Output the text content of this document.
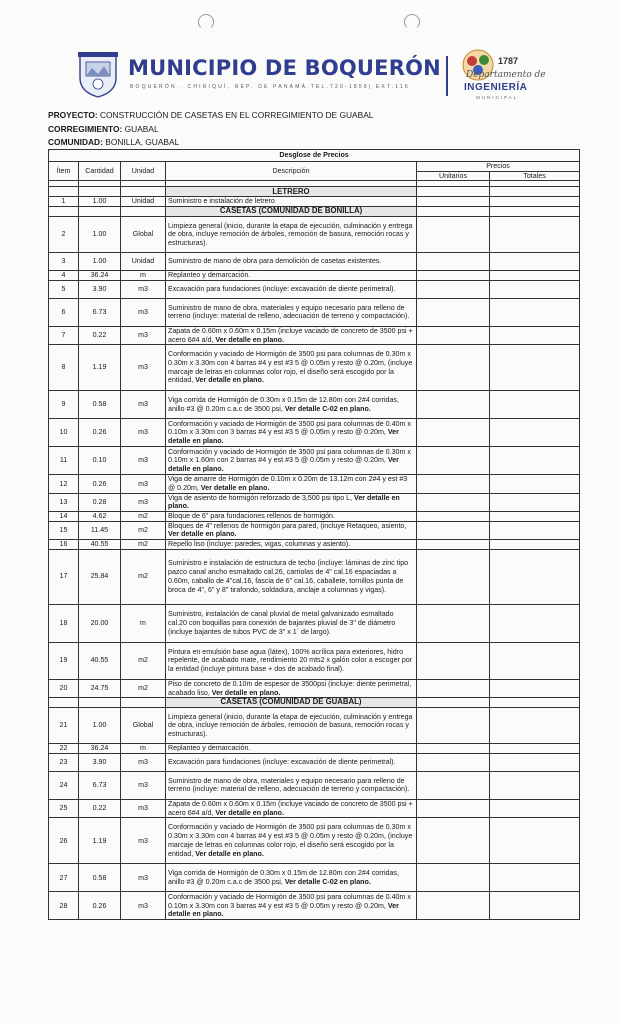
MUNICIPIO DE BOQUERÓN
BOQUERÓN , CHIRIQUÍ, REP. DE PANAMÁ.TEL.720-1859| EXT.116
1787
Departamento de
INGENIERÍA
MUNICIPAL
PROYECTO: CONSTRUCCIÓN DE CASETAS EN EL CORREGIMIENTO DE GUABAL
CORREGIMIENTO: GUABAL
COMUNIDAD: BONILLA, GUABAL
Desglose de Precios					
Ítem	Cantidad	Unidad	Descripción	Precios	
				Unitarios	Totales

			LETRERO		
1	1.00	Unidad	Suministro e instalación de letrero		
			CASETAS (COMUNIDAD DE BONILLA)		
2	1.00	Global	Limpieza general (inicio, durante la etapa de ejecución, culminación y entrega de obra, incluye remoción de árboles, remoción de basura, remoción rocas y estructuras).		
3	1.00	Unidad	Suministro de mano de obra para demolición de casetas existentes.		
4	36.24	m	Replanteo y demarcación.		
5	3.90	m3	Excavación para fundaciones (incluye: excavación de diente perimetral).		
6	6.73	m3	Suministro de mano de obra, materiales y equipo necesario para relleno de terreno (incluye: material de relleno, adecuación de terreno y compactación).		
7	0.22	m3	Zapata de 0.60m x 0.60m x 0.15m (incluye vaciado de concreto de 3500 psi + acero 6#4 a/d, Ver detalle en plano.		
8	1.19	m3	Conformación y vaciado de Hormigón de 3500 psi para columnas de 0.30m x 0.30m x 3.30m con 4 barras #4 y est #3 5 @ 0.05m y resto @ 0.20m, (incluye marcaje de letras en columnas color rojo, el diseño será escogido por la entidad, Ver detalle en plano.		
9	0.58	m3	Viga corrida de Hormigón de 0.30m x 0.15m de 12.80m con 2#4 corridas, anillo #3 @ 0.20m c.a.c de 3500 psi, Ver detalle C-02 en plano.		
10	0.26	m3	Conformación y vaciado de Hormigón de 3500 psi para columnas de 0.40m x 0.10m x 3.30m con 3 barras #4 y est #3 5 @ 0.05m y resto @ 0.20m, Ver detalle en plano.		
11	0.10	m3	Conformación y vaciado de Hormigón de 3500 psi para columnas de 0.30m x 0.10m x 1.60m con 2 barras #4 y est #3 5 @ 0.05m y resto @ 0.20m, Ver detalle en plano.		
12	0.26	m3	Viga de amarre de Hormigón de 0.10m x 0.20m de 13.12m con 2#4 y est #3 @ 0.20m, Ver detalle en plano.		
13	0.28	m3	Viga de asiento de hormigón reforzado de 3,500 psi tipo L, Ver detalle en plano.		
14	4.62	m2	Bloque de 6" para fundaciones rellenos de hormigón.		
15	11.45	m2	Bloques de 4" rellenos de hormigón para pared, (incluye Retaqueo, asiento, Ver detalle en plano.		
16	40.55	m2	Repello liso (incluye: paredes, vigas, columnas y asiento).		
17	25.84	m2	Suministro e instalación de estructura de techo (incluye: láminas de zinc tipo pazco canal ancho esmaltado cal.26, carriolas de 4" cal.16 espaciadas a 0.60m, caballo de 4"cal.16, fascia de 6" cal.16, caballete, tornillos punta de broca de 4", 6" y 8" tirafondo, soldadura, anclaje a columnas y vigas).		
18	20.00	m	Suministro, instalación de canal pluvial de metal galvanizado esmaltado cal.20 con boquillas para conexión de bajantes pluvial de 3" de diámetro (incluye bajantes de tubos PVC de 3" x 1´ de largo).		
19	40.55	m2	Pintura en emulsión base agua (látex), 100% acrílica para exteriores, hidro repelente, de acabado mate, rendimiento 20 mts2 x galón color a escoger por la entidad (incluye pintura base + dos de acabado final).		
20	24.75	m2	Piso de concreto de 0.10m de espesor de 3500psi (incluye: diente perimetral, acabado liso, Ver detalle en plano.		
			CASETAS (COMUNIDAD DE GUABAL)		
21	1.00	Global	Limpieza general (inicio, durante la etapa de ejecución, culminación y entrega de obra, incluye remoción de árboles, remoción de basura, remoción rocas y estructuras).		
22	36.24	m	Replanteo y demarcación.		
23	3.90	m3	Excavación para fundaciones (incluye: excavación de diente perimetral).		
24	6.73	m3	Suministro de mano de obra, materiales y equipo necesario para relleno de terreno (incluye: material de relleno, adecuación de terreno y compactación).		
25	0.22	m3	Zapata de 0.60m x 0.60m x 0.15m (incluye vaciado de concreto de 3500 psi + acero 6#4 a/d, Ver detalle en plano.		
26	1.19	m3	Conformación y vaciado de Hormigón de 3500 psi para columnas de 0.30m x 0.30m x 3.30m con 4 barras #4 y est #3 5 @ 0.05m y resto @ 0.20m, (incluye marcaje de letras en columnas color rojo, el diseño será escogido por la entidad, Ver detalle en plano.		
27	0.58	m3	Viga corrida de Hormigón de 0.30m x 0.15m de 12.80m con 2#4 corridas, anillo #3 @ 0.20m c.a.c de 3500 psi, Ver detalle C-02 en plano.		
28	0.26	m3	Conformación y vaciado de Hormigón de 3500 psi para columnas de 0.40m x 0.10m x 3.30m con 3 barras #4 y est #3 5 @ 0.05m y resto @ 0.20m, Ver detalle en plano.		
